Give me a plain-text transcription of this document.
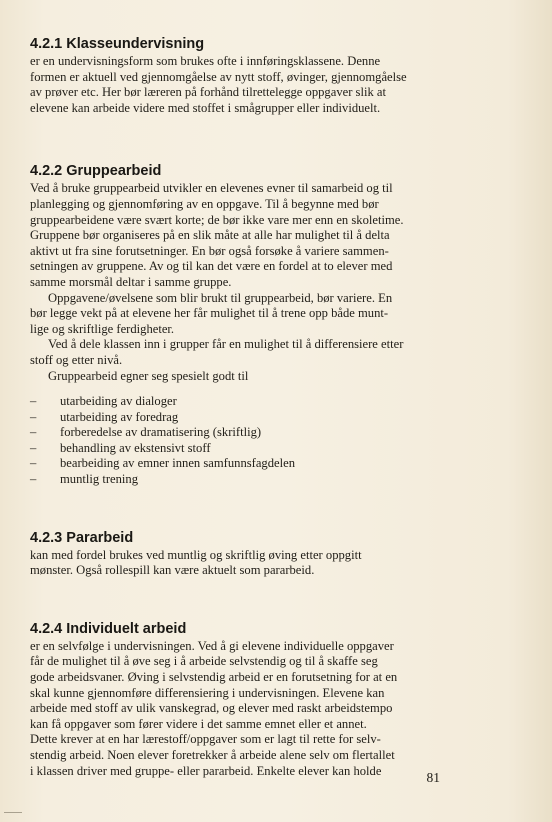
4.2.1 Klasseundervisning
er en undervisningsform som brukes ofte i innføringsklassene. Denne
formen er aktuell ved gjennomgåelse av nytt stoff, øvinger, gjennomgåelse
av prøver etc. Her bør læreren på forhånd tilrettelegge oppgaver slik at
elevene kan arbeide videre med stoffet i smågrupper eller individuelt.
4.2.2 Gruppearbeid
Ved å bruke gruppearbeid utvikler en elevenes evner til samarbeid og til
planlegging og gjennomføring av en oppgave. Til å begynne med bør
gruppearbeidene være svært korte; de bør ikke vare mer enn en skoletime.
Gruppene bør organiseres på en slik måte at alle har mulighet til å delta
aktivt ut fra sine forutsetninger. En bør også forsøke å variere sammen-
setningen av gruppene. Av og til kan det være en fordel at to elever med
samme morsmål deltar i samme gruppe.
Oppgavene/øvelsene som blir brukt til gruppearbeid, bør variere. En
bør legge vekt på at elevene her får mulighet til å trene opp både munt-
lige og skriftlige ferdigheter.
Ved å dele klassen inn i grupper får en mulighet til å differensiere etter
stoff og etter nivå.
Gruppearbeid egner seg spesielt godt til
– utarbeiding av dialoger
– utarbeiding av foredrag
– forberedelse av dramatisering (skriftlig)
– behandling av ekstensivt stoff
– bearbeiding av emner innen samfunnsfagdelen
– muntlig trening
4.2.3 Pararbeid
kan med fordel brukes ved muntlig og skriftlig øving etter oppgitt
mønster. Også rollespill kan være aktuelt som pararbeid.
4.2.4 Individuelt arbeid
er en selvfølge i undervisningen. Ved å gi elevene individuelle oppgaver
får de mulighet til å øve seg i å arbeide selvstendig og til å skaffe seg
gode arbeidsvaner. Øving i selvstendig arbeid er en forutsetning for at en
skal kunne gjennomføre differensiering i undervisningen. Elevene kan
arbeide med stoff av ulik vanskegrad, og elever med raskt arbeidstempo
kan få oppgaver som fører videre i det samme emnet eller et annet.
Dette krever at en har lærestoff/oppgaver som er lagt til rette for selv-
stendig arbeid. Noen elever foretrekker å arbeide alene selv om flertallet
i klassen driver med gruppe- eller pararbeid. Enkelte elever kan holde	81
